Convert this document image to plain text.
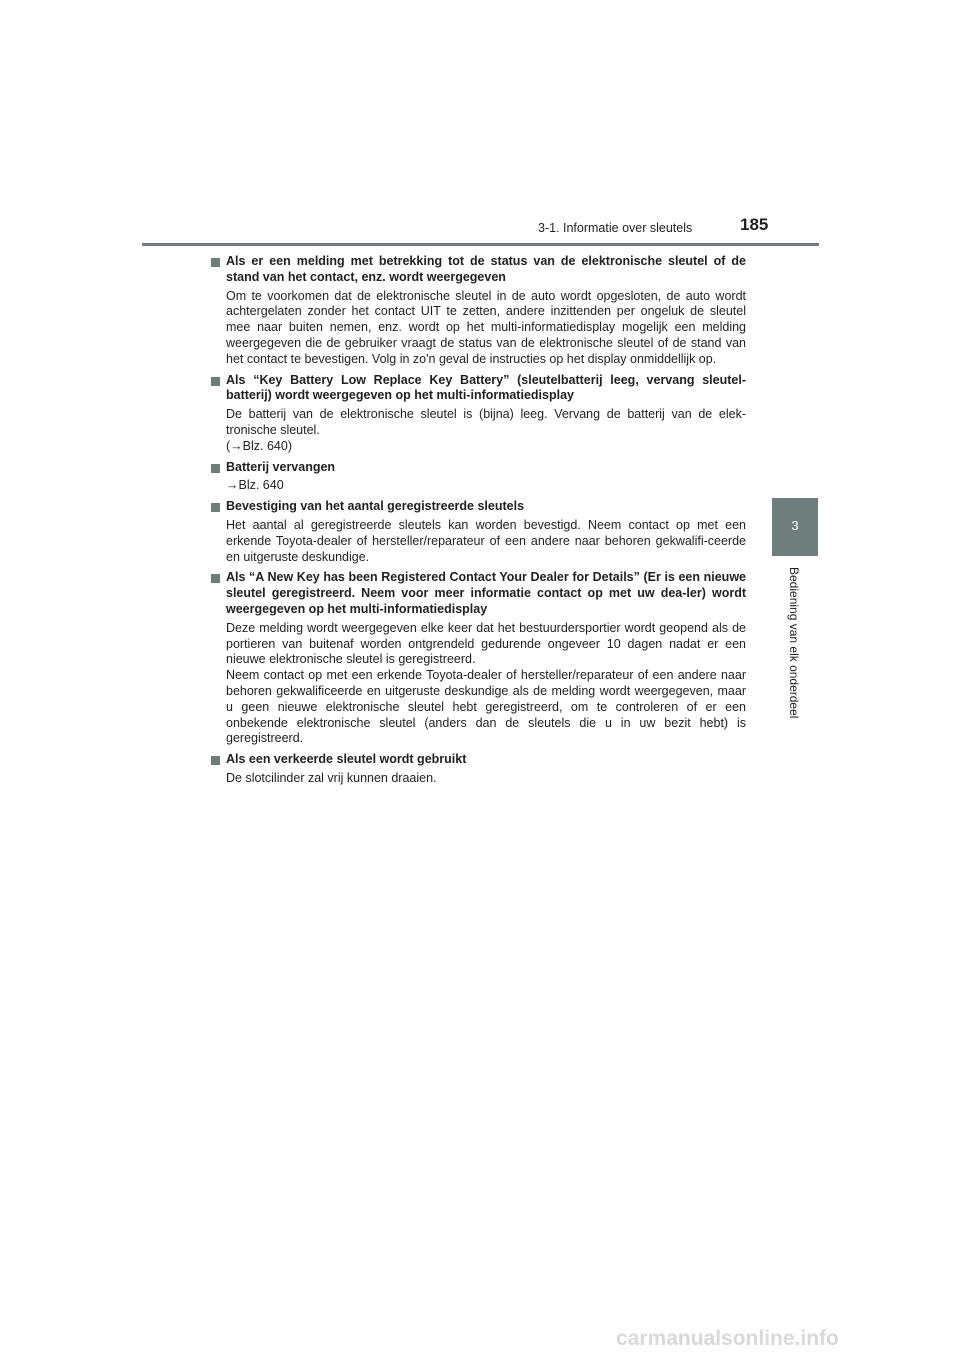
3-1. Informatie over sleutels	185
3
Bediening van elk onderdeel
Als er een melding met betrekking tot de status van de elektronische sleutel of de stand van het contact, enz. wordt weergegeven
Om te voorkomen dat de elektronische sleutel in de auto wordt opgesloten, de auto wordt achtergelaten zonder het contact UIT te zetten, andere inzittenden per ongeluk de sleutel mee naar buiten nemen, enz. wordt op het multi-informatiedisplay mogelijk een melding weergegeven die de gebruiker vraagt de status van de elektronische sleutel of de stand van het contact te bevestigen. Volg in zo'n geval de instructies op het display onmiddellijk op.
Als “Key Battery Low Replace Key Battery” (sleutelbatterij leeg, vervang sleutel-batterij) wordt weergegeven op het multi-informatiedisplay
De batterij van de elektronische sleutel is (bijna) leeg. Vervang de batterij van de elek-tronische sleutel.
(→Blz. 640)
Batterij vervangen
→Blz. 640
Bevestiging van het aantal geregistreerde sleutels
Het aantal al geregistreerde sleutels kan worden bevestigd. Neem contact op met een erkende Toyota-dealer of hersteller/reparateur of een andere naar behoren gekwalifi-ceerde en uitgeruste deskundige.
Als “A New Key has been Registered Contact Your Dealer for Details” (Er is een nieuwe sleutel geregistreerd. Neem voor meer informatie contact op met uw dea-ler) wordt weergegeven op het multi-informatiedisplay
Deze melding wordt weergegeven elke keer dat het bestuurdersportier wordt geopend als de portieren van buitenaf worden ontgrendeld gedurende ongeveer 10 dagen nadat er een nieuwe elektronische sleutel is geregistreerd.
Neem contact op met een erkende Toyota-dealer of hersteller/reparateur of een andere naar behoren gekwalificeerde en uitgeruste deskundige als de melding wordt weergegeven, maar u geen nieuwe elektronische sleutel hebt geregistreerd, om te controleren of er een onbekende elektronische sleutel (anders dan de sleutels die u in uw bezit hebt) is geregistreerd.
Als een verkeerde sleutel wordt gebruikt
De slotcilinder zal vrij kunnen draaien.
carmanualsonline.info
